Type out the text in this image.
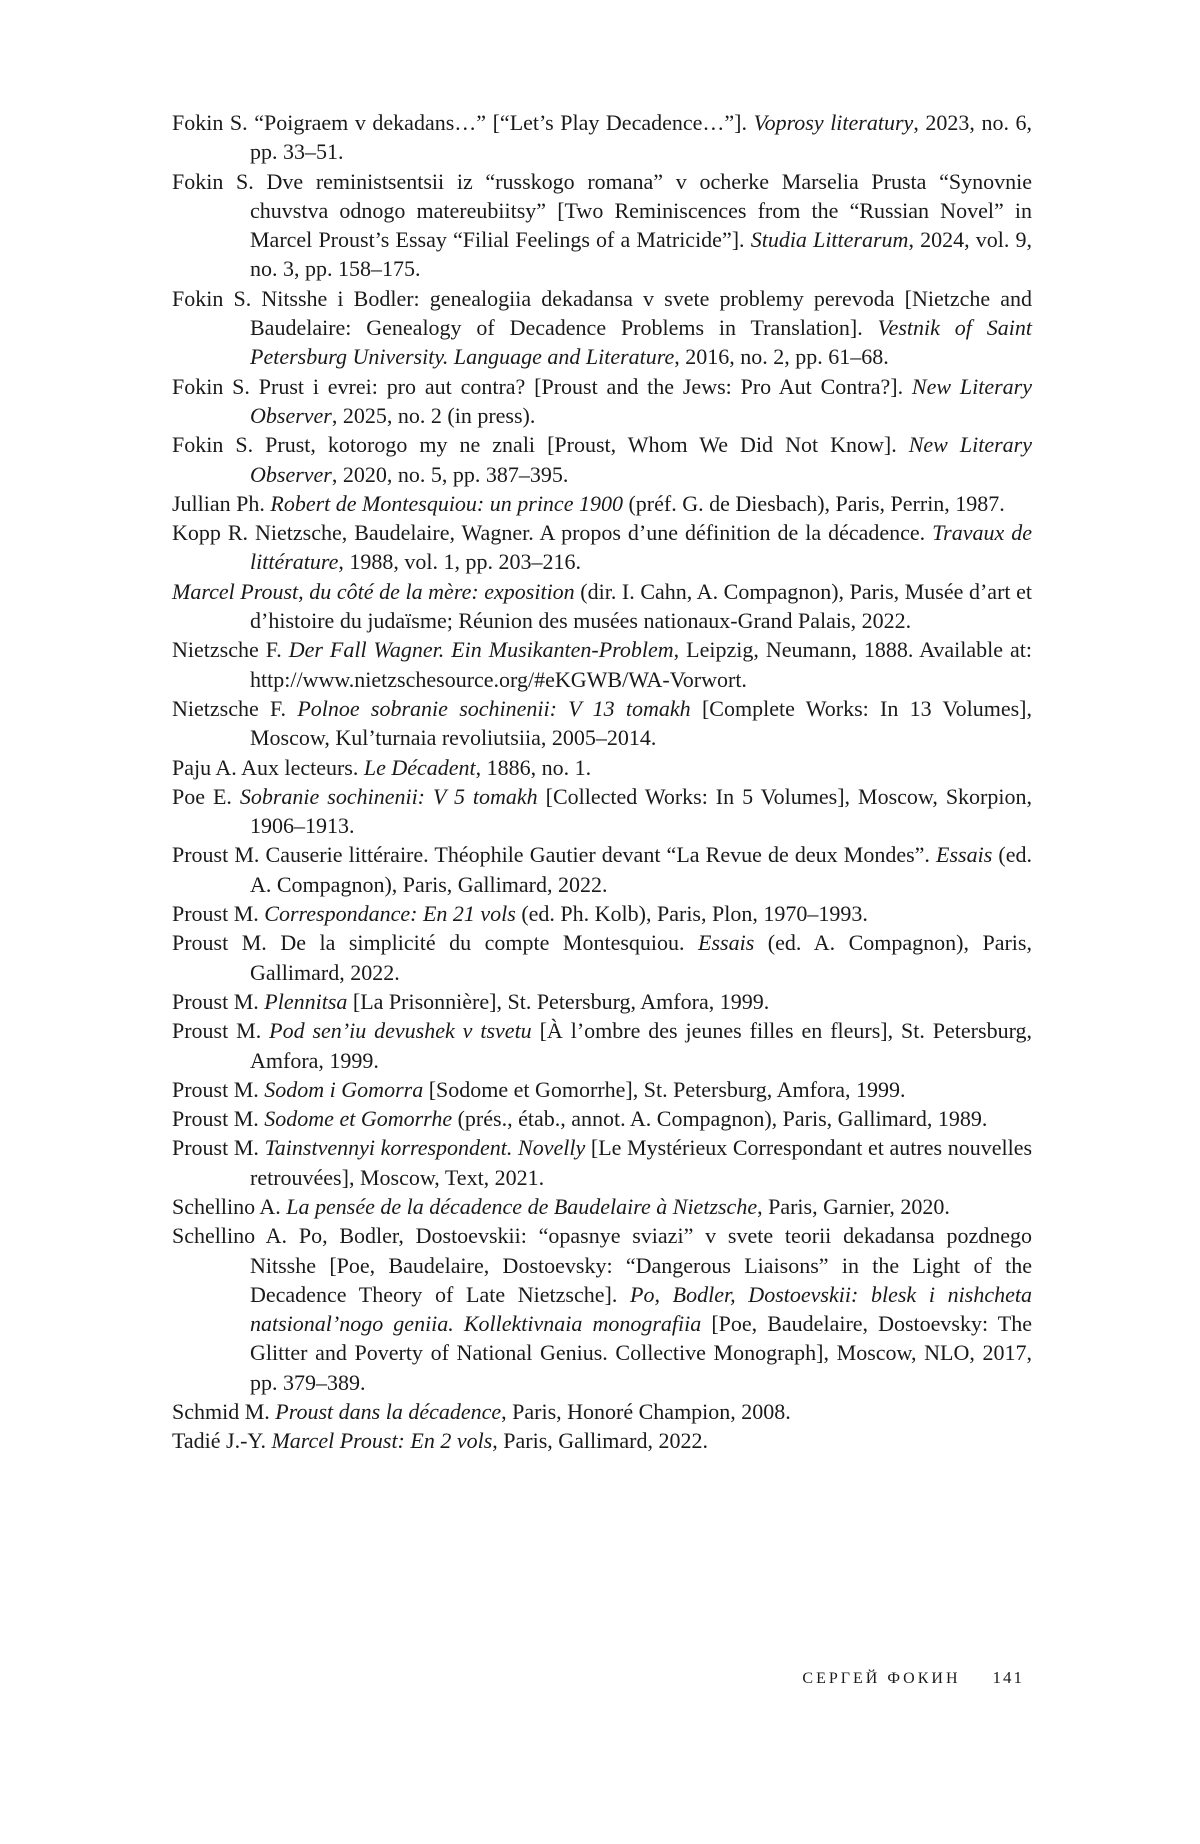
Fokin S. “Poigraem v dekadans…” [“Let’s Play Decadence…”]. Voprosy literatury, 2023, no. 6, pp. 33–51.
Fokin S. Dve reministsentsii iz “russkogo romana” v ocherke Marselia Prusta “Synovnie chuvstva odnogo matereubiitsy” [Two Reminiscences from the “Russian Novel” in Marcel Proust’s Essay “Filial Feelings of a Matricide”]. Studia Litterarum, 2024, vol. 9, no. 3, pp. 158–175.
Fokin S. Nitsshe i Bodler: genealogiia dekadansa v svete problemy perevoda [Nietzche and Baudelaire: Genealogy of Decadence Problems in Translation]. Vestnik of Saint Petersburg University. Language and Literature, 2016, no. 2, pp. 61–68.
Fokin S. Prust i evrei: pro aut contra? [Proust and the Jews: Pro Aut Contra?]. New Literary Observer, 2025, no. 2 (in press).
Fokin S. Prust, kotorogo my ne znali [Proust, Whom We Did Not Know]. New Literary Observer, 2020, no. 5, pp. 387–395.
Jullian Ph. Robert de Montesquiou: un prince 1900 (préf. G. de Diesbach), Paris, Perrin, 1987.
Kopp R. Nietzsche, Baudelaire, Wagner. A propos d’une définition de la décadence. Travaux de littérature, 1988, vol. 1, pp. 203–216.
Marcel Proust, du côté de la mère: exposition (dir. I. Cahn, A. Compagnon), Paris, Musée d’art et d’histoire du judaïsme; Réunion des musées nationaux-Grand Palais, 2022.
Nietzsche F. Der Fall Wagner. Ein Musikanten-Problem, Leipzig, Neumann, 1888. Available at: http://www.nietzschesource.org/#eKGWB/WA-Vorwort.
Nietzsche F. Polnoe sobranie sochinenii: V 13 tomakh [Complete Works: In 13 Volumes], Moscow, Kul’turnaia revoliutsiia, 2005–2014.
Paju A. Aux lecteurs. Le Décadent, 1886, no. 1.
Poe E. Sobranie sochinenii: V 5 tomakh [Collected Works: In 5 Volumes], Moscow, Skorpion, 1906–1913.
Proust M. Causerie littéraire. Théophile Gautier devant “La Revue de deux Mondes”. Essais (ed. A. Compagnon), Paris, Gallimard, 2022.
Proust M. Correspondance: En 21 vols (ed. Ph. Kolb), Paris, Plon, 1970–1993.
Proust M. De la simplicité du compte Montesquiou. Essais (ed. A. Compagnon), Paris, Gallimard, 2022.
Proust M. Plennitsa [La Prisonnière], St. Petersburg, Amfora, 1999.
Proust M. Pod sen’iu devushek v tsvetu [À l’ombre des jeunes filles en fleurs], St. Petersburg, Amfora, 1999.
Proust M. Sodom i Gomorra [Sodome et Gomorrhe], St. Petersburg, Amfora, 1999.
Proust M. Sodome et Gomorrhe (prés., étab., annot. A. Compagnon), Paris, Gallimard, 1989.
Proust M. Tainstvennyi korrespondent. Novelly [Le Mystérieux Correspondant et autres nouvelles retrouvées], Moscow, Text, 2021.
Schellino A. La pensée de la décadence de Baudelaire à Nietzsche, Paris, Garnier, 2020.
Schellino A. Po, Bodler, Dostoevskii: “opasnye sviazi” v svete teorii dekadansa pozdnego Nitsshe [Poe, Baudelaire, Dostoevsky: “Dangerous Liaisons” in the Light of the Decadence Theory of Late Nietzsche]. Po, Bodler, Dostoevskii: blesk i nishcheta natsional’nogo geniia. Kollektivnaia monografiia [Poe, Baudelaire, Dostoevsky: The Glitter and Poverty of National Genius. Collective Monograph], Moscow, NLO, 2017, pp. 379–389.
Schmid M. Proust dans la décadence, Paris, Honoré Champion, 2008.
Tadié J.-Y. Marcel Proust: En 2 vols, Paris, Gallimard, 2022.
СЕРГЕЙ ФОКИН 141
